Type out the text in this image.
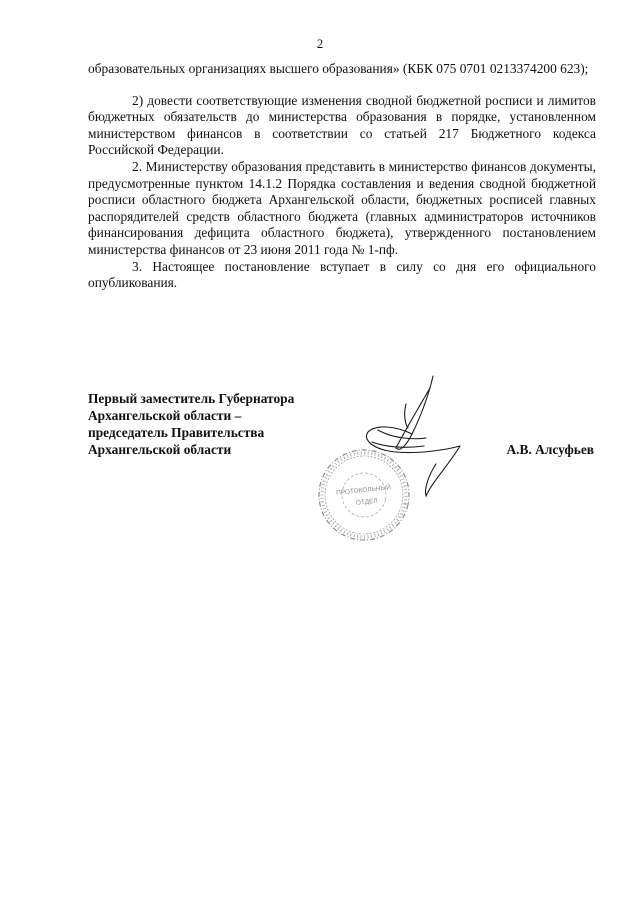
2

образовательных организациях высшего образования» (КБК 075 0701 0213374200 623);

2) довести соответствующие изменения сводной бюджетной росписи и лимитов бюджетных обязательств до министерства образования в порядке, установленном министерством финансов в соответствии со статьей 217 Бюджетного кодекса Российской Федерации.

2. Министерству образования представить в министерство финансов документы, предусмотренные пунктом 14.1.2 Порядка составления и ведения сводной бюджетной росписи областного бюджета Архангельской области, бюджетных росписей главных распорядителей средств областного бюджета (главных администраторов источников финансирования дефицита областного бюджета), утвержденного постановлением министерства финансов от 23 июня 2011 года № 1-пф.

3. Настоящее постановление вступает в силу со дня его официального опубликования.

Первый заместитель Губернатора
Архангельской области –
председатель Правительства
Архангельской области	А.В. Алсуфьев
ПРОТОКОЛЬНЫЙ
ОТДЕЛ
